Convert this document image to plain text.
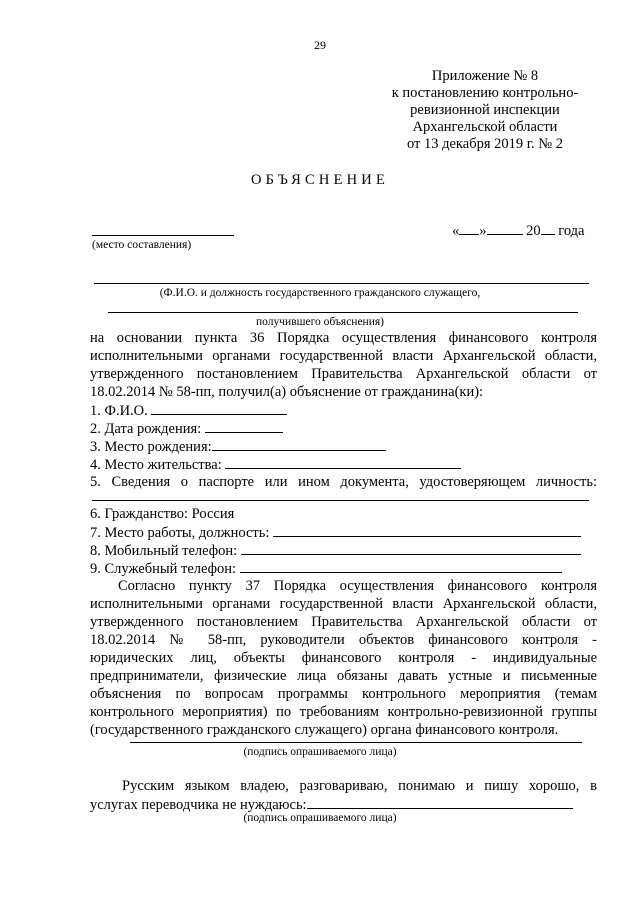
29
Приложение № 8
к постановлению контрольно-
ревизионной инспекции
Архангельской области
от 13 декабря 2019 г. № 2
ОБЪЯСНЕНИЕ
(место составления)
« »	20 года
(Ф.И.О. и должность государственного гражданского служащего,
получившего объяснения)
на основании пункта 36 Порядка осуществления финансового контроля
исполнительными органами государственной власти Архангельской области,
утвержденного постановлением Правительства Архангельской области от
18.02.2014 № 58-пп, получил(а) объяснение от гражданина(ки):
1. Ф.И.О.
2. Дата рождения:
3. Место рождения:
4. Место жительства:
5. Сведения о паспорте или ином документа, удостоверяющем личность:
6. Гражданство: Россия
7. Место работы, должность:
8. Мобильный телефон:
9. Служебный телефон:
Согласно пункту 37 Порядка осуществления финансового контроля
исполнительными органами государственной власти Архангельской области,
утвержденного постановлением Правительства Архангельской области от
18.02.2014 № 58-пп, руководители объектов финансового контроля -
юридических лиц, объекты финансового контроля - индивидуальные
предприниматели, физические лица обязаны давать устные и письменные
объяснения по вопросам программы контрольного мероприятия (темам
контрольного мероприятия) по требованиям контрольно-ревизионной группы
(государственного гражданского служащего) органа финансового контроля.
(подпись опрашиваемого лица)
Русским языком владею, разговариваю, понимаю и пишу хорошо, в
услугах переводчика не нуждаюсь:
(подпись опрашиваемого лица)
